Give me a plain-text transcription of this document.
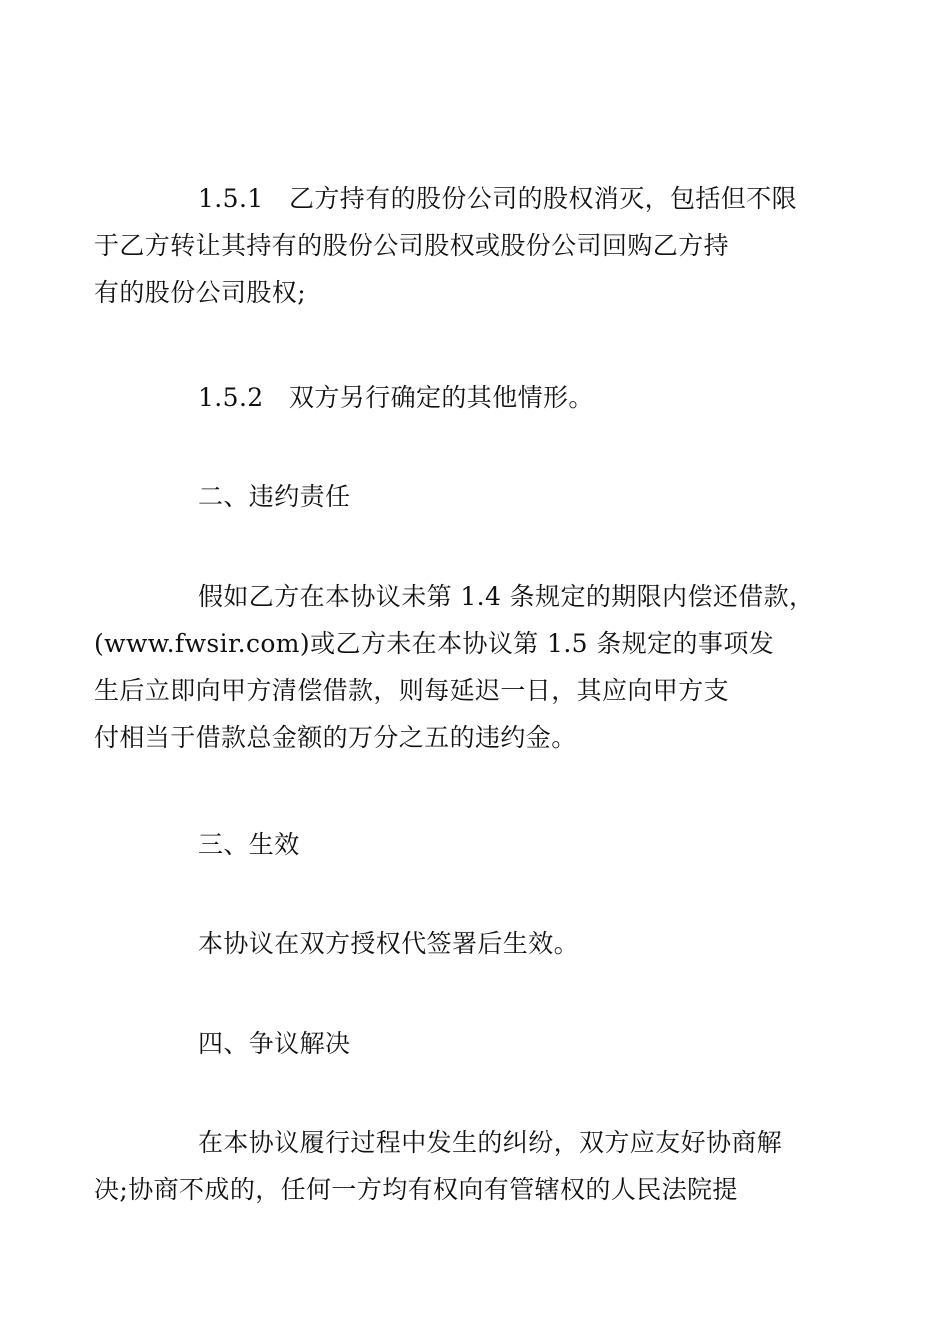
1.5.1　乙方持有的股份公司的股权消灭，包括但不限
于乙方转让其持有的股份公司股权或股份公司回购乙方持
有的股份公司股权;

1.5.2　双方另行确定的其他情形。

二、违约责任

假如乙方在本协议未第 1.4 条规定的期限内偿还借款，
(www.fwsir.com)或乙方未在本协议第 1.5 条规定的事项发
生后立即向甲方清偿借款，则每延迟一日，其应向甲方支
付相当于借款总金额的万分之五的违约金。

三、生效

本协议在双方授权代签署后生效。

四、争议解决

在本协议履行过程中发生的纠纷，双方应友好协商解
决;协商不成的，任何一方均有权向有管辖权的人民法院提
